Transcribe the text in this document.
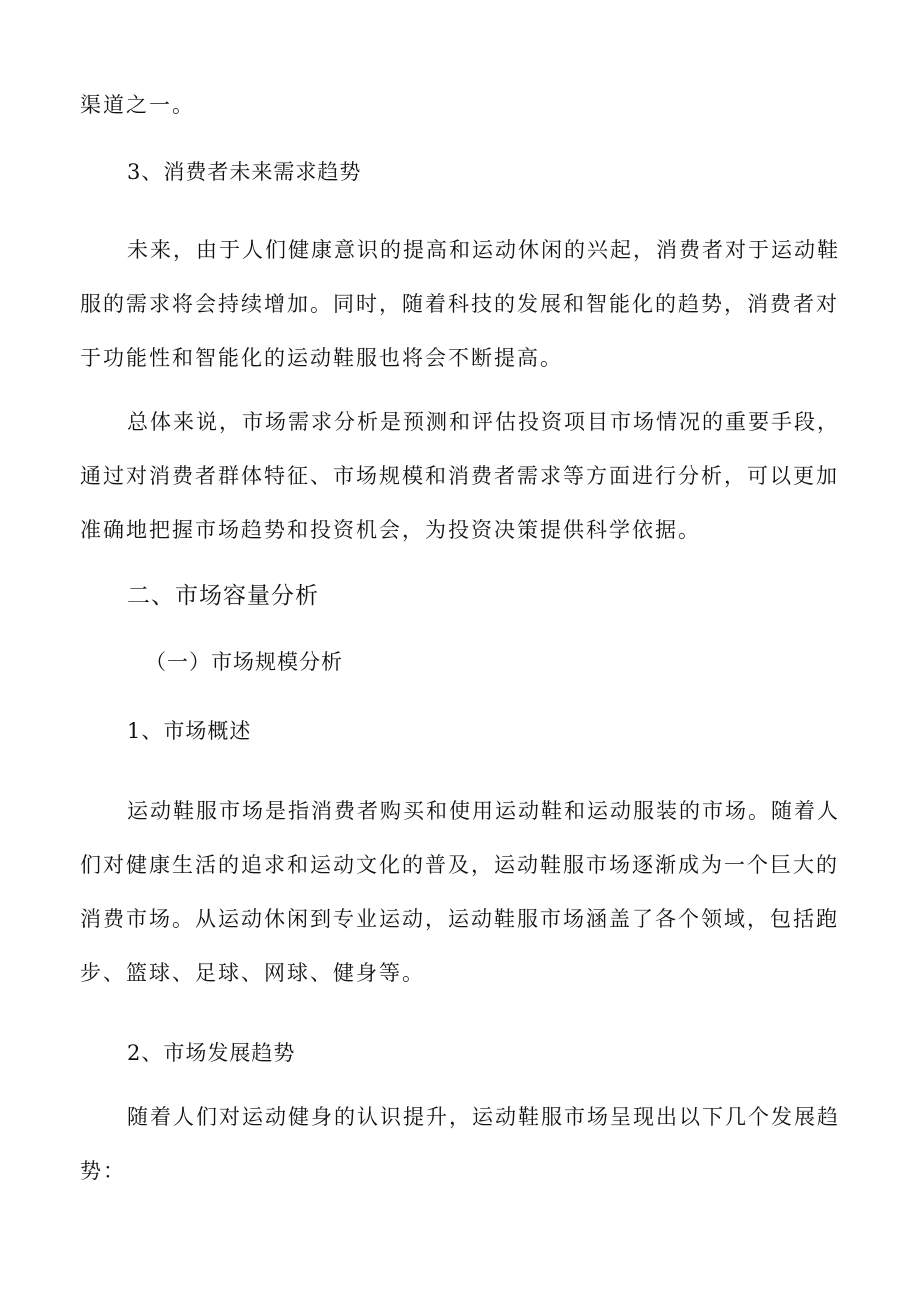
渠道之一。
3、消费者未来需求趋势
未来，由于人们健康意识的提高和运动休闲的兴起，消费者对于运动鞋
服的需求将会持续增加。同时，随着科技的发展和智能化的趋势，消费者对
于功能性和智能化的运动鞋服也将会不断提高。
总体来说，市场需求分析是预测和评估投资项目市场情况的重要手段，
通过对消费者群体特征、市场规模和消费者需求等方面进行分析，可以更加
准确地把握市场趋势和投资机会，为投资决策提供科学依据。
二、市场容量分析
（一）市场规模分析
1、市场概述
运动鞋服市场是指消费者购买和使用运动鞋和运动服装的市场。随着人
们对健康生活的追求和运动文化的普及，运动鞋服市场逐渐成为一个巨大的
消费市场。从运动休闲到专业运动，运动鞋服市场涵盖了各个领域，包括跑
步、篮球、足球、网球、健身等。
2、市场发展趋势
随着人们对运动健身的认识提升，运动鞋服市场呈现出以下几个发展趋
势：
